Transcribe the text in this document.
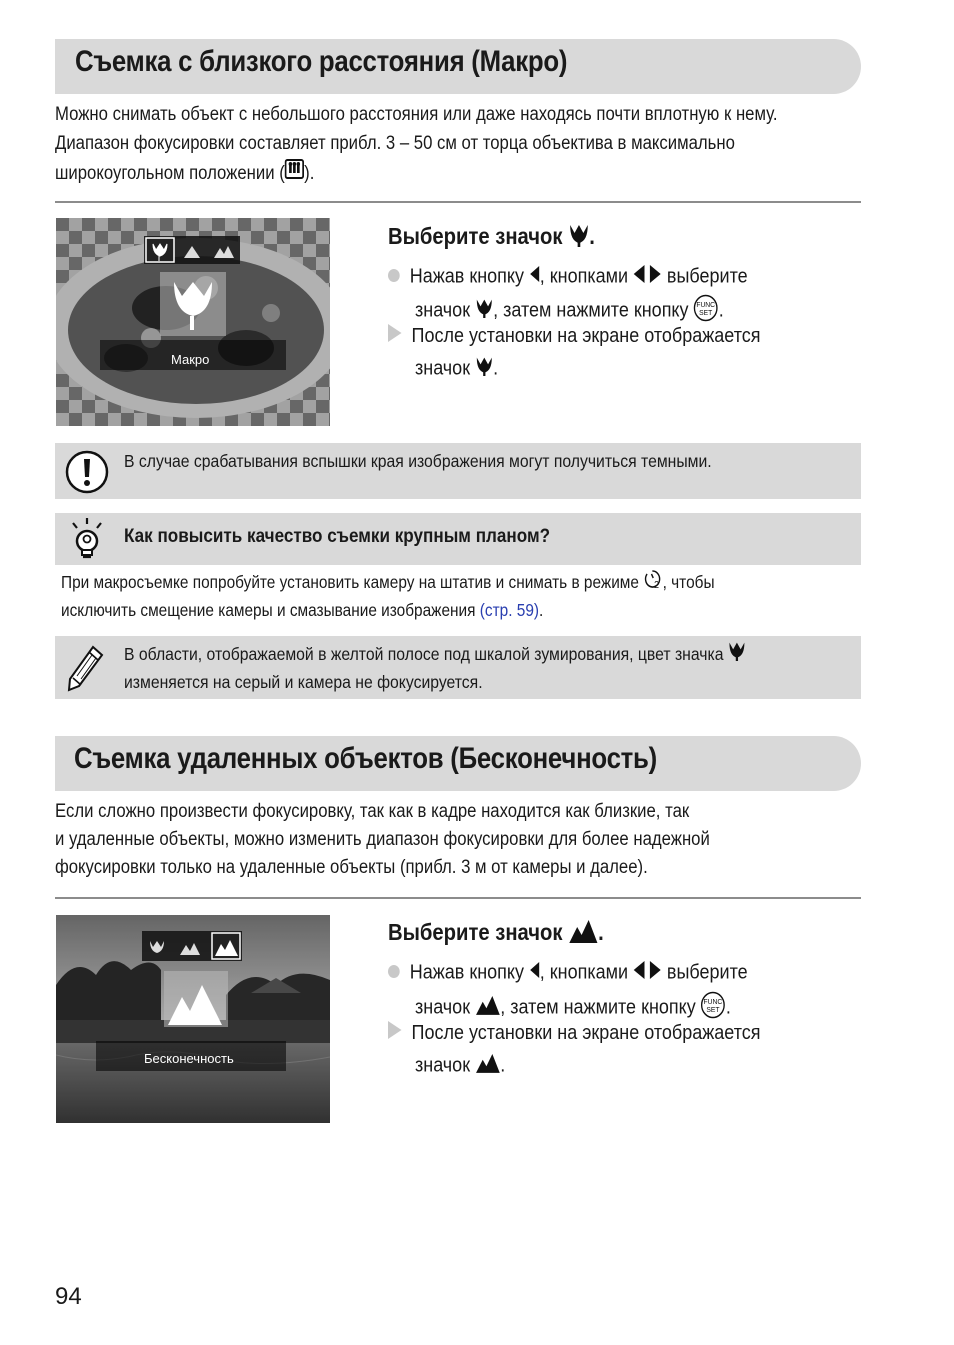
Съемка с близкого расстояния (Макро)
Можно снимать объект с небольшого расстояния или даже находясь почти вплотную к нему.
Диапазон фокусировки составляет прибл. 3 – 50 см от торца объектива в максимально
широкоугольном положении ( ).
Макро
Выберите значок .
Нажав кнопку , кнопками выберите
значок , затем нажмите кнопку FUNC
SET .
После установки на экране отображается
значок .
В случае срабатывания вспышки края изображения могут получиться темными.
Как повысить качество съемки крупным планом?
При макросъемке попробуйте установить камеру на штатив и снимать в режиме 2 , чтобы
исключить смещение камеры и смазывание изображения (стр. 59).
В области, отображаемой в желтой полосе под шкалой зумирования, цвет значка
изменяется на серый и камера не фокусируется.
Съемка удаленных объектов (Бесконечность)
Если сложно произвести фокусировку, так как в кадре находится как близкие, так
и удаленные объекты, можно изменить диапазон фокусировки для более надежной
фокусировки только на удаленные объекты (прибл. 3 м от камеры и далее).
Бесконечность
Выберите значок .
Нажав кнопку , кнопками выберите
значок , затем нажмите кнопку FUNC
SET .
После установки на экране отображается
значок .
94
